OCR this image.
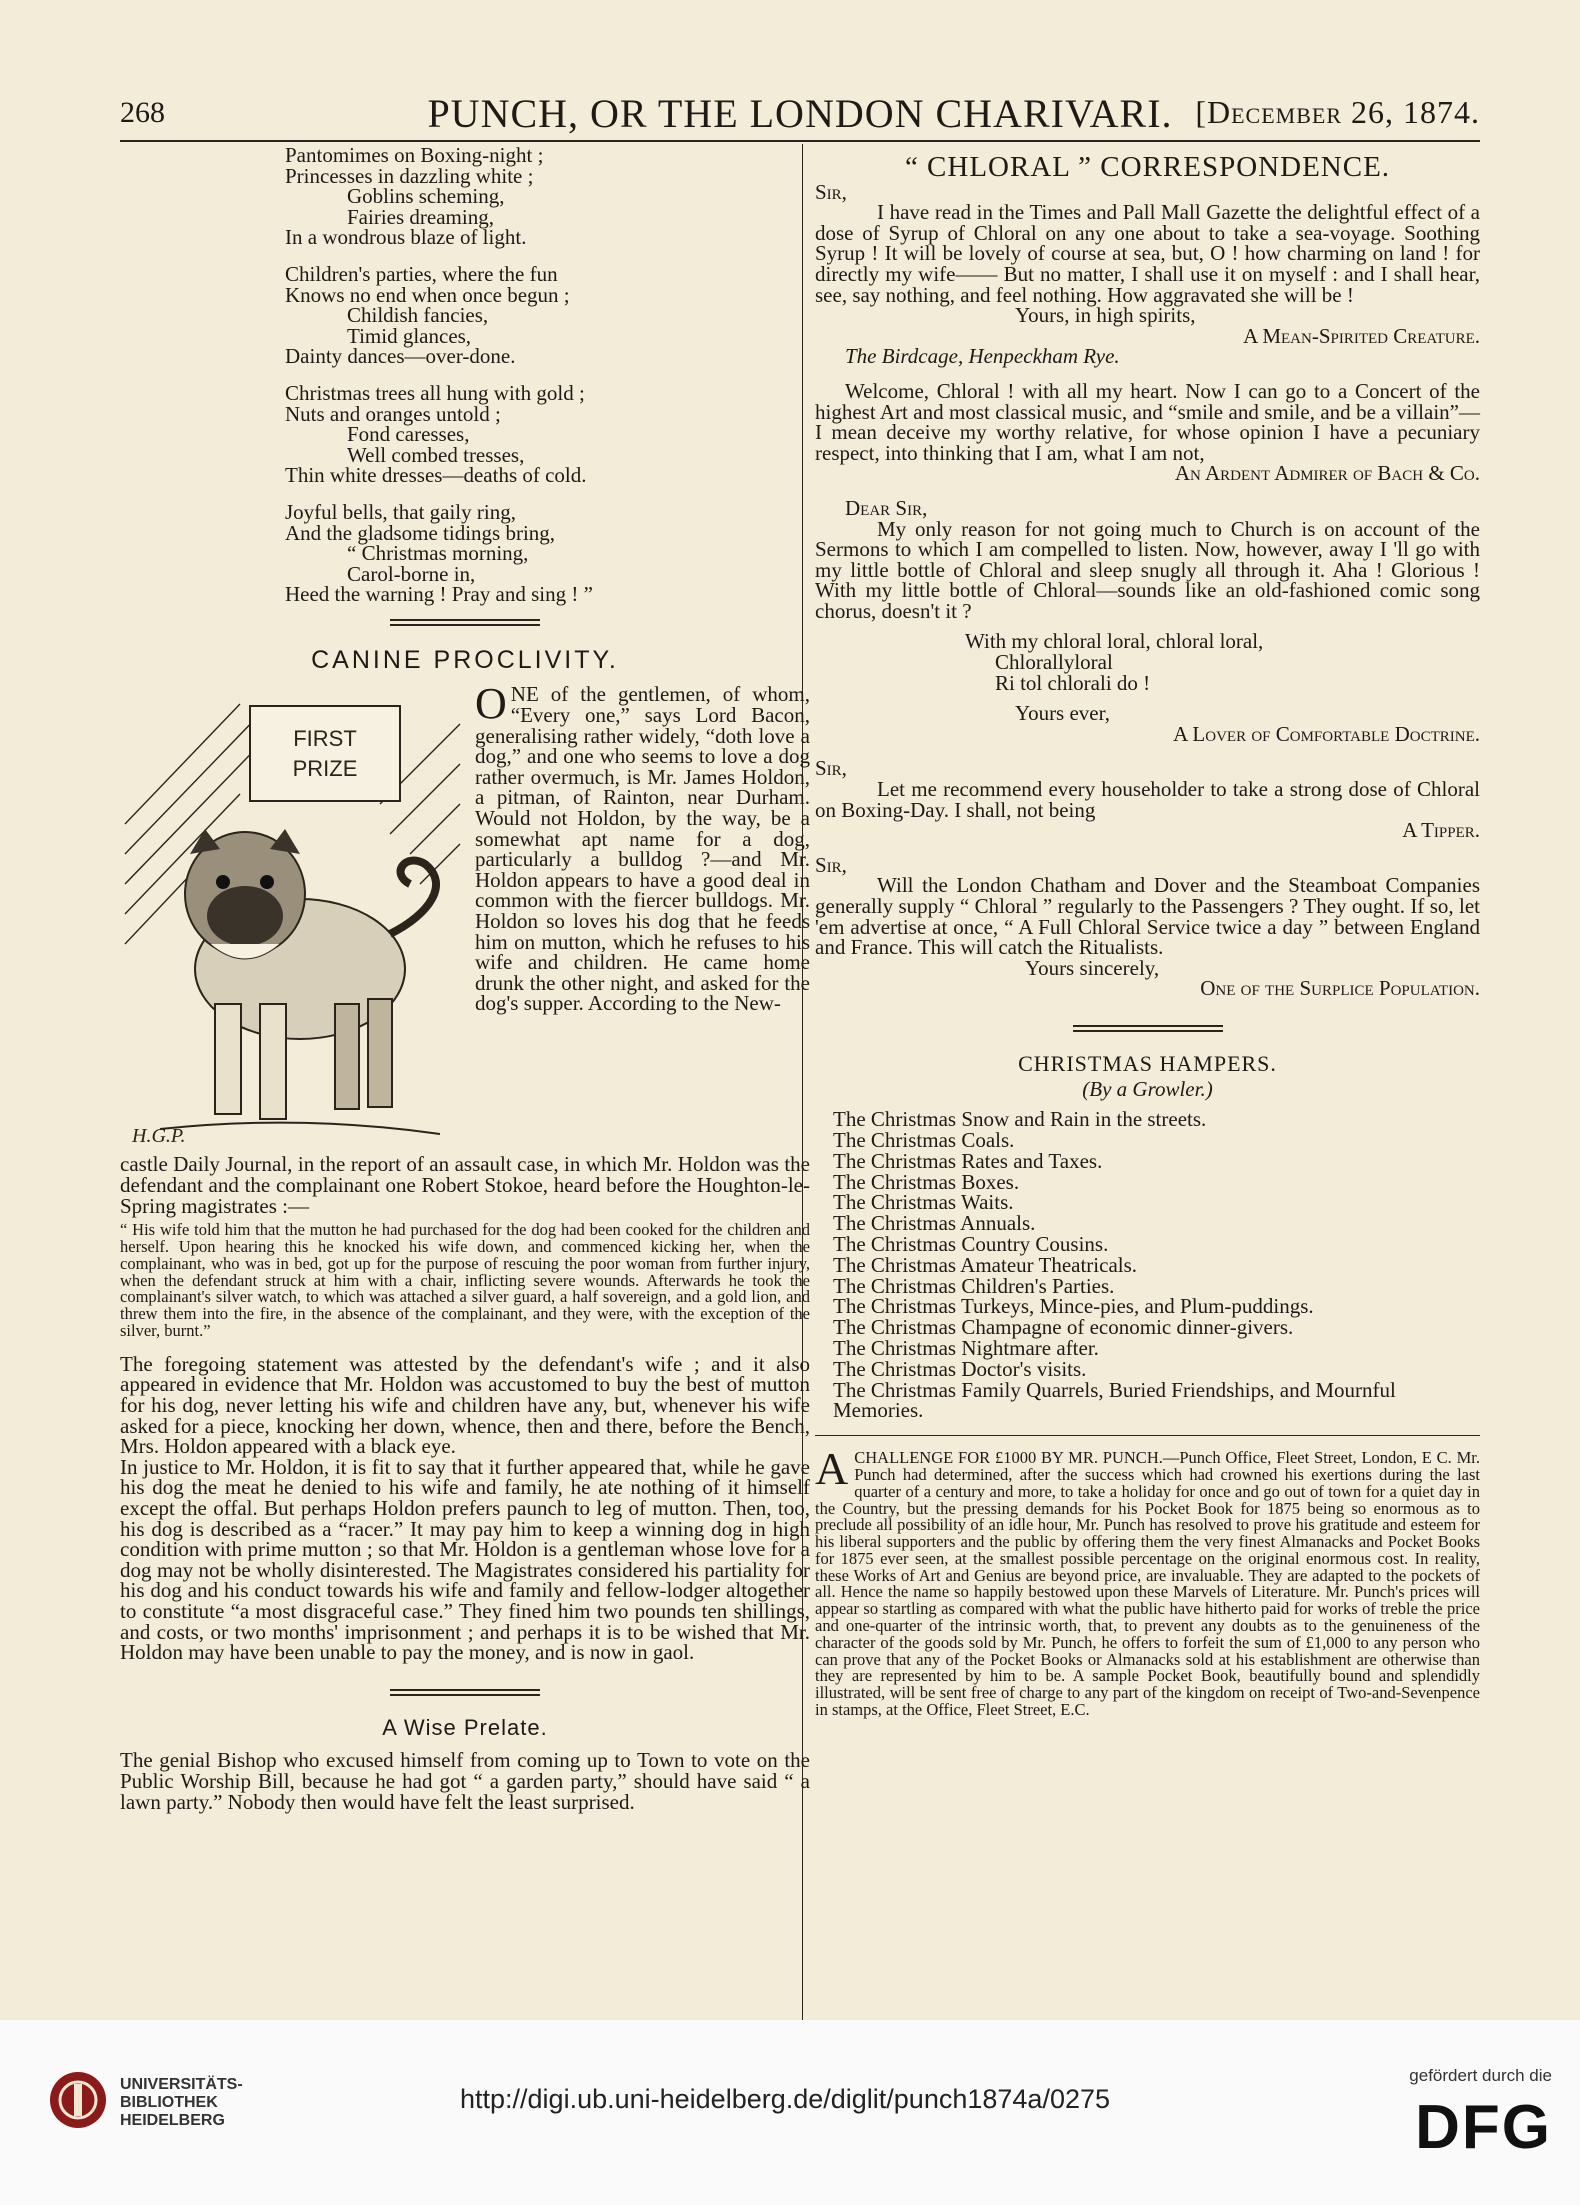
268	PUNCH, OR THE LONDON CHARIVARI. [December 26, 1874.

Pantomimes on Boxing-night ;

Princesses in dazzling white ;

Goblins scheming,

Fairies dreaming,

In a wondrous blaze of light.

Children's parties, where the fun

Knows no end when once begun ;

Childish fancies,

Timid glances,

Dainty dances—over-done.

Christmas trees all hung with gold ;

Nuts and oranges untold ;

Fond caresses,

Well combed tresses,

Thin white dresses—deaths of cold.

Joyful bells, that gaily ring,

And the gladsome tidings bring,

“ Christmas morning,

Carol-borne in,

Heed the warning ! Pray and sing ! ”

CANINE PROCLIVITY.
FIRST
PRIZE
H.G.P.
O NE of the gentlemen, of whom, “Every one,” says Lord Bacon, generalising rather widely, “doth love a dog,” and one who seems to love a dog rather overmuch, is Mr. James Holdon, a pitman, of Rainton, near Durham. Would not Holdon, by the way, be a somewhat apt name for a dog, particularly a bulldog ?—and Mr. Holdon appears to have a good deal in common with the fiercer bulldogs. Mr. Holdon so loves his dog that he feeds him on mutton, which he refuses to his wife and children. He came home drunk the other night, and asked for the dog's supper. According to the New-

castle Daily Journal, in the report of an assault case, in which Mr. Holdon was the defendant and the complainant one Robert Stokoe, heard before the Houghton-le-Spring magistrates :—

“ His wife told him that the mutton he had purchased for the dog had been cooked for the children and herself. Upon hearing this he knocked his wife down, and commenced kicking her, when the complainant, who was in bed, got up for the purpose of rescuing the poor woman from further injury, when the defendant struck at him with a chair, inflicting severe wounds. Afterwards he took the complainant's silver watch, to which was attached a silver guard, a half sovereign, and a gold lion, and threw them into the fire, in the absence of the complainant, and they were, with the exception of the silver, burnt.”

The foregoing statement was attested by the defendant's wife ; and it also appeared in evidence that Mr. Holdon was accustomed to buy the best of mutton for his dog, never letting his wife and children have any, but, whenever his wife asked for a piece, knocking her down, whence, then and there, before the Bench, Mrs. Holdon appeared with a black eye.

In justice to Mr. Holdon, it is fit to say that it further appeared that, while he gave his dog the meat he denied to his wife and family, he ate nothing of it himself except the offal. But perhaps Holdon prefers paunch to leg of mutton. Then, too, his dog is described as a “racer.” It may pay him to keep a winning dog in high condition with prime mutton ; so that Mr. Holdon is a gentleman whose love for a dog may not be wholly disinterested. The Magistrates considered his partiality for his dog and his conduct towards his wife and family and fellow-lodger altogether to constitute “a most disgraceful case.” They fined him two pounds ten shillings, and costs, or two months' imprisonment ; and perhaps it is to be wished that Mr. Holdon may have been unable to pay the money, and is now in gaol.

A Wise Prelate.

The genial Bishop who excused himself from coming up to Town to vote on the Public Worship Bill, because he had got “ a garden party,” should have said “ a lawn party.” Nobody then would have felt the least surprised.

“ CHLORAL ” CORRESPONDENCE.

Sir,

I have read in the Times and Pall Mall Gazette the delightful effect of a dose of Syrup of Chloral on any one about to take a sea-voyage. Soothing Syrup ! It will be lovely of course at sea, but, O ! how charming on land ! for directly my wife—— But no matter, I shall use it on myself : and I shall hear, see, say nothing, and feel nothing. How aggravated she will be !

Yours, in high spirits,

A Mean-Spirited Creature.

The Birdcage, Henpeckham Rye.

Welcome, Chloral ! with all my heart. Now I can go to a Concert of the highest Art and most classical music, and “smile and smile, and be a villain”—I mean deceive my worthy relative, for whose opinion I have a pecuniary respect, into thinking that I am, what I am not,

An Ardent Admirer of Bach & Co.

Dear Sir,

My only reason for not going much to Church is on account of the Sermons to which I am compelled to listen. Now, however, away I 'll go with my little bottle of Chloral and sleep snugly all through it. Aha ! Glorious ! With my little bottle of Chloral—sounds like an old-fashioned comic song chorus, doesn't it ?

With my chloral loral, chloral loral,

Chlorallyloral

Ri tol chlorali do !

Yours ever,

A Lover of Comfortable Doctrine.

Sir,

Let me recommend every householder to take a strong dose of Chloral on Boxing-Day. I shall, not being

A Tipper.

Sir,

Will the London Chatham and Dover and the Steamboat Companies generally supply “ Chloral ” regularly to the Passengers ? They ought. If so, let 'em advertise at once, “ A Full Chloral Service twice a day ” between England and France. This will catch the Ritualists.

Yours sincerely,

One of the Surplice Population.

CHRISTMAS HAMPERS.

(By a Growler.)

The Christmas Snow and Rain in the streets.

The Christmas Coals.

The Christmas Rates and Taxes.

The Christmas Boxes.

The Christmas Waits.

The Christmas Annuals.

The Christmas Country Cousins.

The Christmas Amateur Theatricals.

The Christmas Children's Parties.

The Christmas Turkeys, Mince-pies, and Plum-puddings.

The Christmas Champagne of economic dinner-givers.

The Christmas Nightmare after.

The Christmas Doctor's visits.

The Christmas Family Quarrels, Buried Friendships, and Mournful Memories.

A CHALLENGE FOR £1000 BY MR. PUNCH.—Punch Office, Fleet Street, London, E C. Mr. Punch had determined, after the success which had crowned his exertions during the last quarter of a century and more, to take a holiday for once and go out of town for a quiet day in the Country, but the pressing demands for his Pocket Book for 1875 being so enormous as to preclude all possibility of an idle hour, Mr. Punch has resolved to prove his gratitude and esteem for his liberal supporters and the public by offering them the very finest Almanacks and Pocket Books for 1875 ever seen, at the smallest possible percentage on the original enormous cost. In reality, these Works of Art and Genius are beyond price, are invaluable. They are adapted to the pockets of all. Hence the name so happily bestowed upon these Marvels of Literature. Mr. Punch's prices will appear so startling as compared with what the public have hitherto paid for works of treble the price and one-quarter of the intrinsic worth, that, to prevent any doubts as to the genuineness of the character of the goods sold by Mr. Punch, he offers to forfeit the sum of £1,000 to any person who can prove that any of the Pocket Books or Almanacks sold at his establishment are otherwise than they are represented by him to be. A sample Pocket Book, beautifully bound and splendidly illustrated, will be sent free of charge to any part of the kingdom on receipt of Two-and-Sevenpence in stamps, at the Office, Fleet Street, E.C.
UNIVERSITÄTS-
BIBLIOTHEK
HEIDELBERG
http://digi.ub.uni-heidelberg.de/diglit/punch1874a/0275
gefördert durch die
DFG
